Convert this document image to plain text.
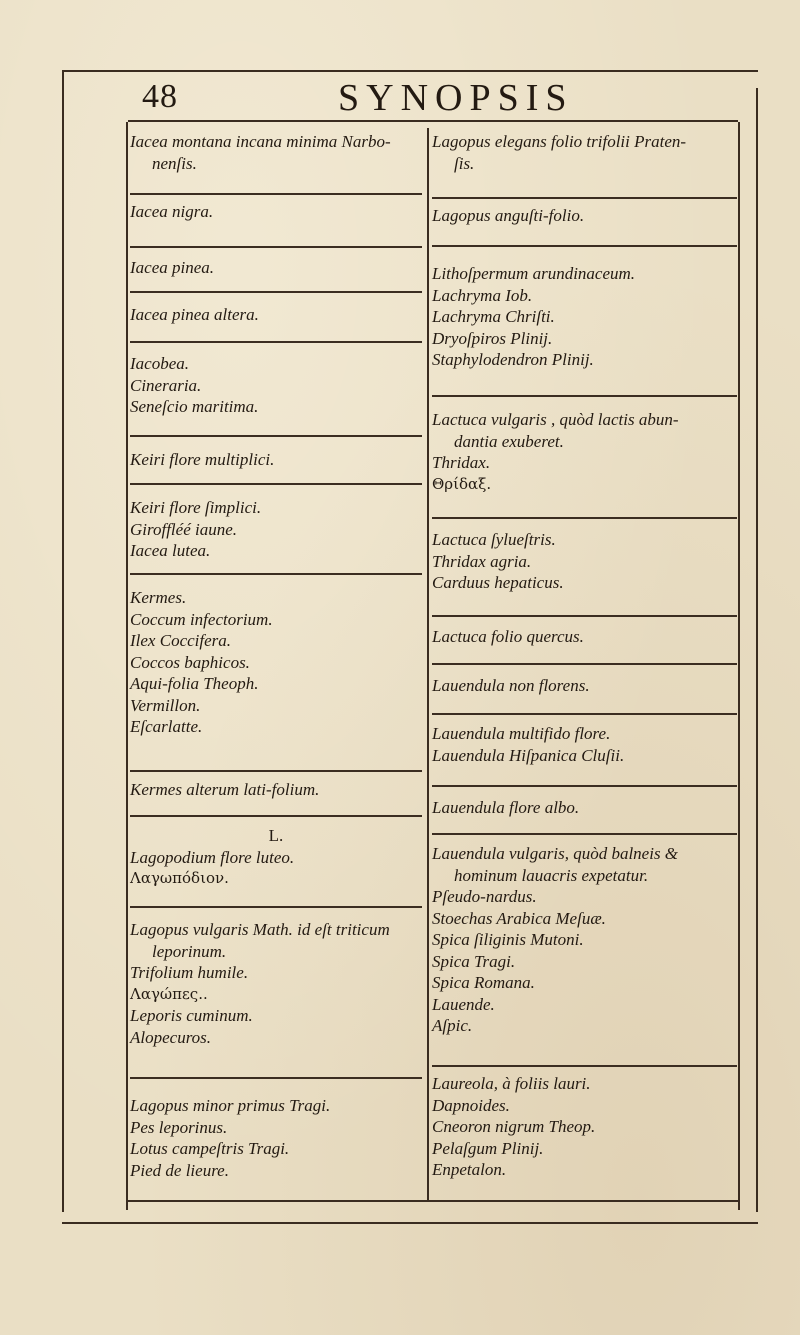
48	SYNOPSIS
Iacea montana incana minima Narbo-
nenſis.
Iacea nigra.
Iacea pinea.
Iacea pinea altera.
Iacobea.
Cineraria.
Seneſcio maritima.
Keiri flore multiplici.
Keiri flore ſimplici.
Giroffléé iaune.
Iacea lutea.
Kermes.
Coccum infectorium.
Ilex Coccifera.
Coccos baphicos.
Aqui-folia Theoph.
Vermillon.
Eſcarlatte.
Kermes alterum lati-folium.
L.
Lagopodium flore luteo.
Λαγωπόδιον.
Lagopus vulgaris Math. id eſt triticum
leporinum.
Trifolium humile.
Λαγώπες..
Leporis cuminum.
Alopecuros.
Lagopus minor primus Tragi.
Pes leporinus.
Lotus campeſtris Tragi.
Pied de lieure.
Lagopus elegans folio trifolii Praten-
ſis.
Lagopus anguſti-folio.
Lithoſpermum arundinaceum.
Lachryma Iob.
Lachryma Chriſti.
Dryoſpiros Plinij.
Staphylodendron Plinij.
Lactuca vulgaris , quòd lactis abun-
dantia exuberet.
Thridax.
Θρίδαξ.
Lactuca ſylueſtris.
Thridax agria.
Carduus hepaticus.
Lactuca folio quercus.
Lauendula non florens.
Lauendula multifido flore.
Lauendula Hiſpanica Cluſii.
Lauendula flore albo.
Lauendula vulgaris, quòd balneis &
hominum lauacris expetatur.
Pſeudo-nardus.
Stoechas Arabica Meſuæ.
Spica ſiliginis Mutoni.
Spica Tragi.
Spica Romana.
Lauende.
Aſpic.
Laureola, à foliis lauri.
Dapnoides.
Cneoron nigrum Theop.
Pelaſgum Plinij.
Enpetalon.
